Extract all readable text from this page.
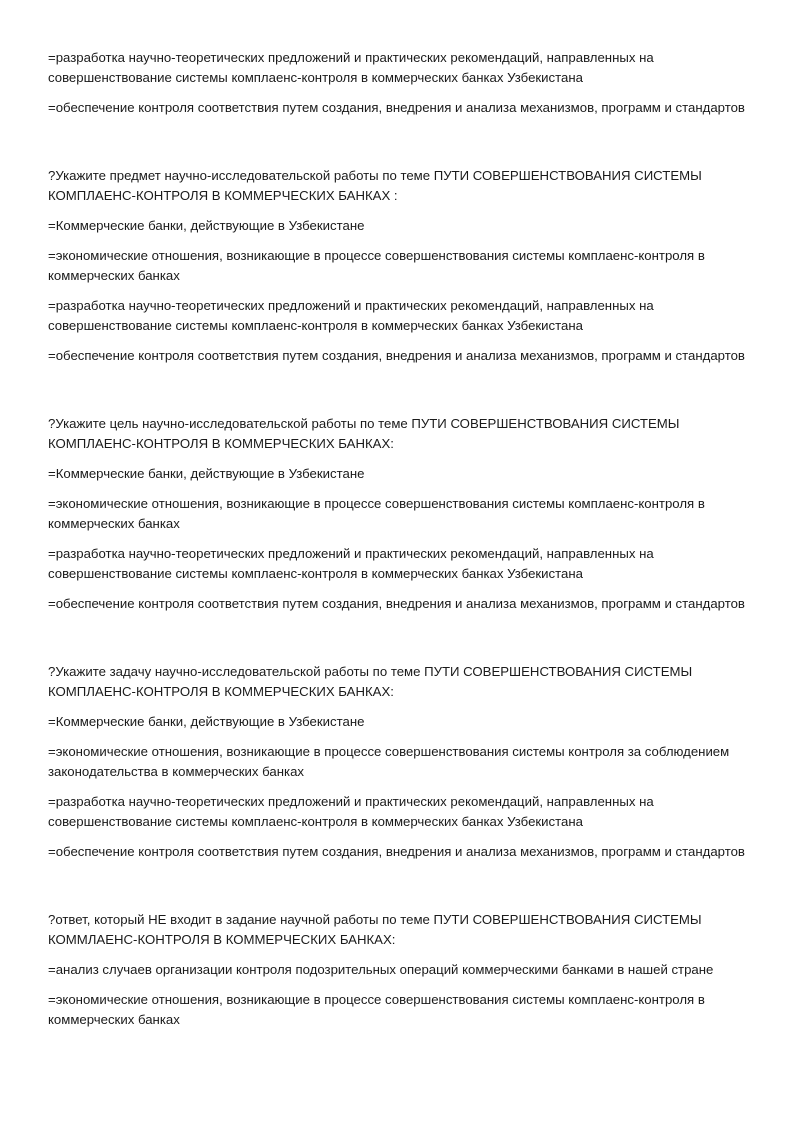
=разработка научно-теоретических предложений и практических рекомендаций, направленных на совершенствование системы комплаенс-контроля в коммерческих банках Узбекистана

=обеспечение контроля соответствия путем создания, внедрения и анализа механизмов, программ и стандартов

?Укажите предмет научно-исследовательской работы по теме ПУТИ СОВЕРШЕНСТВОВАНИЯ СИСТЕМЫ КОМПЛАЕНС-КОНТРОЛЯ В КОММЕРЧЕСКИХ БАНКАХ :

=Коммерческие банки, действующие в Узбекистане

=экономические отношения, возникающие в процессе совершенствования системы комплаенс-контроля в коммерческих банках

=разработка научно-теоретических предложений и практических рекомендаций, направленных на совершенствование системы комплаенс-контроля в коммерческих банках Узбекистана

=обеспечение контроля соответствия путем создания, внедрения и анализа механизмов, программ и стандартов

?Укажите цель научно-исследовательской работы по теме ПУТИ СОВЕРШЕНСТВОВАНИЯ СИСТЕМЫ КОМПЛАЕНС-КОНТРОЛЯ В КОММЕРЧЕСКИХ БАНКАХ:

=Коммерческие банки, действующие в Узбекистане

=экономические отношения, возникающие в процессе совершенствования системы комплаенс-контроля в коммерческих банках

=разработка научно-теоретических предложений и практических рекомендаций, направленных на совершенствование системы комплаенс-контроля в коммерческих банках Узбекистана

=обеспечение контроля соответствия путем создания, внедрения и анализа механизмов, программ и стандартов

?Укажите задачу научно-исследовательской работы по теме ПУТИ СОВЕРШЕНСТВОВАНИЯ СИСТЕМЫ КОМПЛАЕНС-КОНТРОЛЯ В КОММЕРЧЕСКИХ БАНКАХ:

=Коммерческие банки, действующие в Узбекистане

=экономические отношения, возникающие в процессе совершенствования системы контроля за соблюдением законодательства в коммерческих банках

=разработка научно-теоретических предложений и практических рекомендаций, направленных на совершенствование системы комплаенс-контроля в коммерческих банках Узбекистана

=обеспечение контроля соответствия путем создания, внедрения и анализа механизмов, программ и стандартов

?ответ, который НЕ входит в задание научной работы по теме ПУТИ СОВЕРШЕНСТВОВАНИЯ СИСТЕМЫ КОММЛАЕНС-КОНТРОЛЯ В КОММЕРЧЕСКИХ БАНКАХ:

=анализ случаев организации контроля подозрительных операций коммерческими банками в нашей стране

=экономические отношения, возникающие в процессе совершенствования системы комплаенс-контроля в коммерческих банках
